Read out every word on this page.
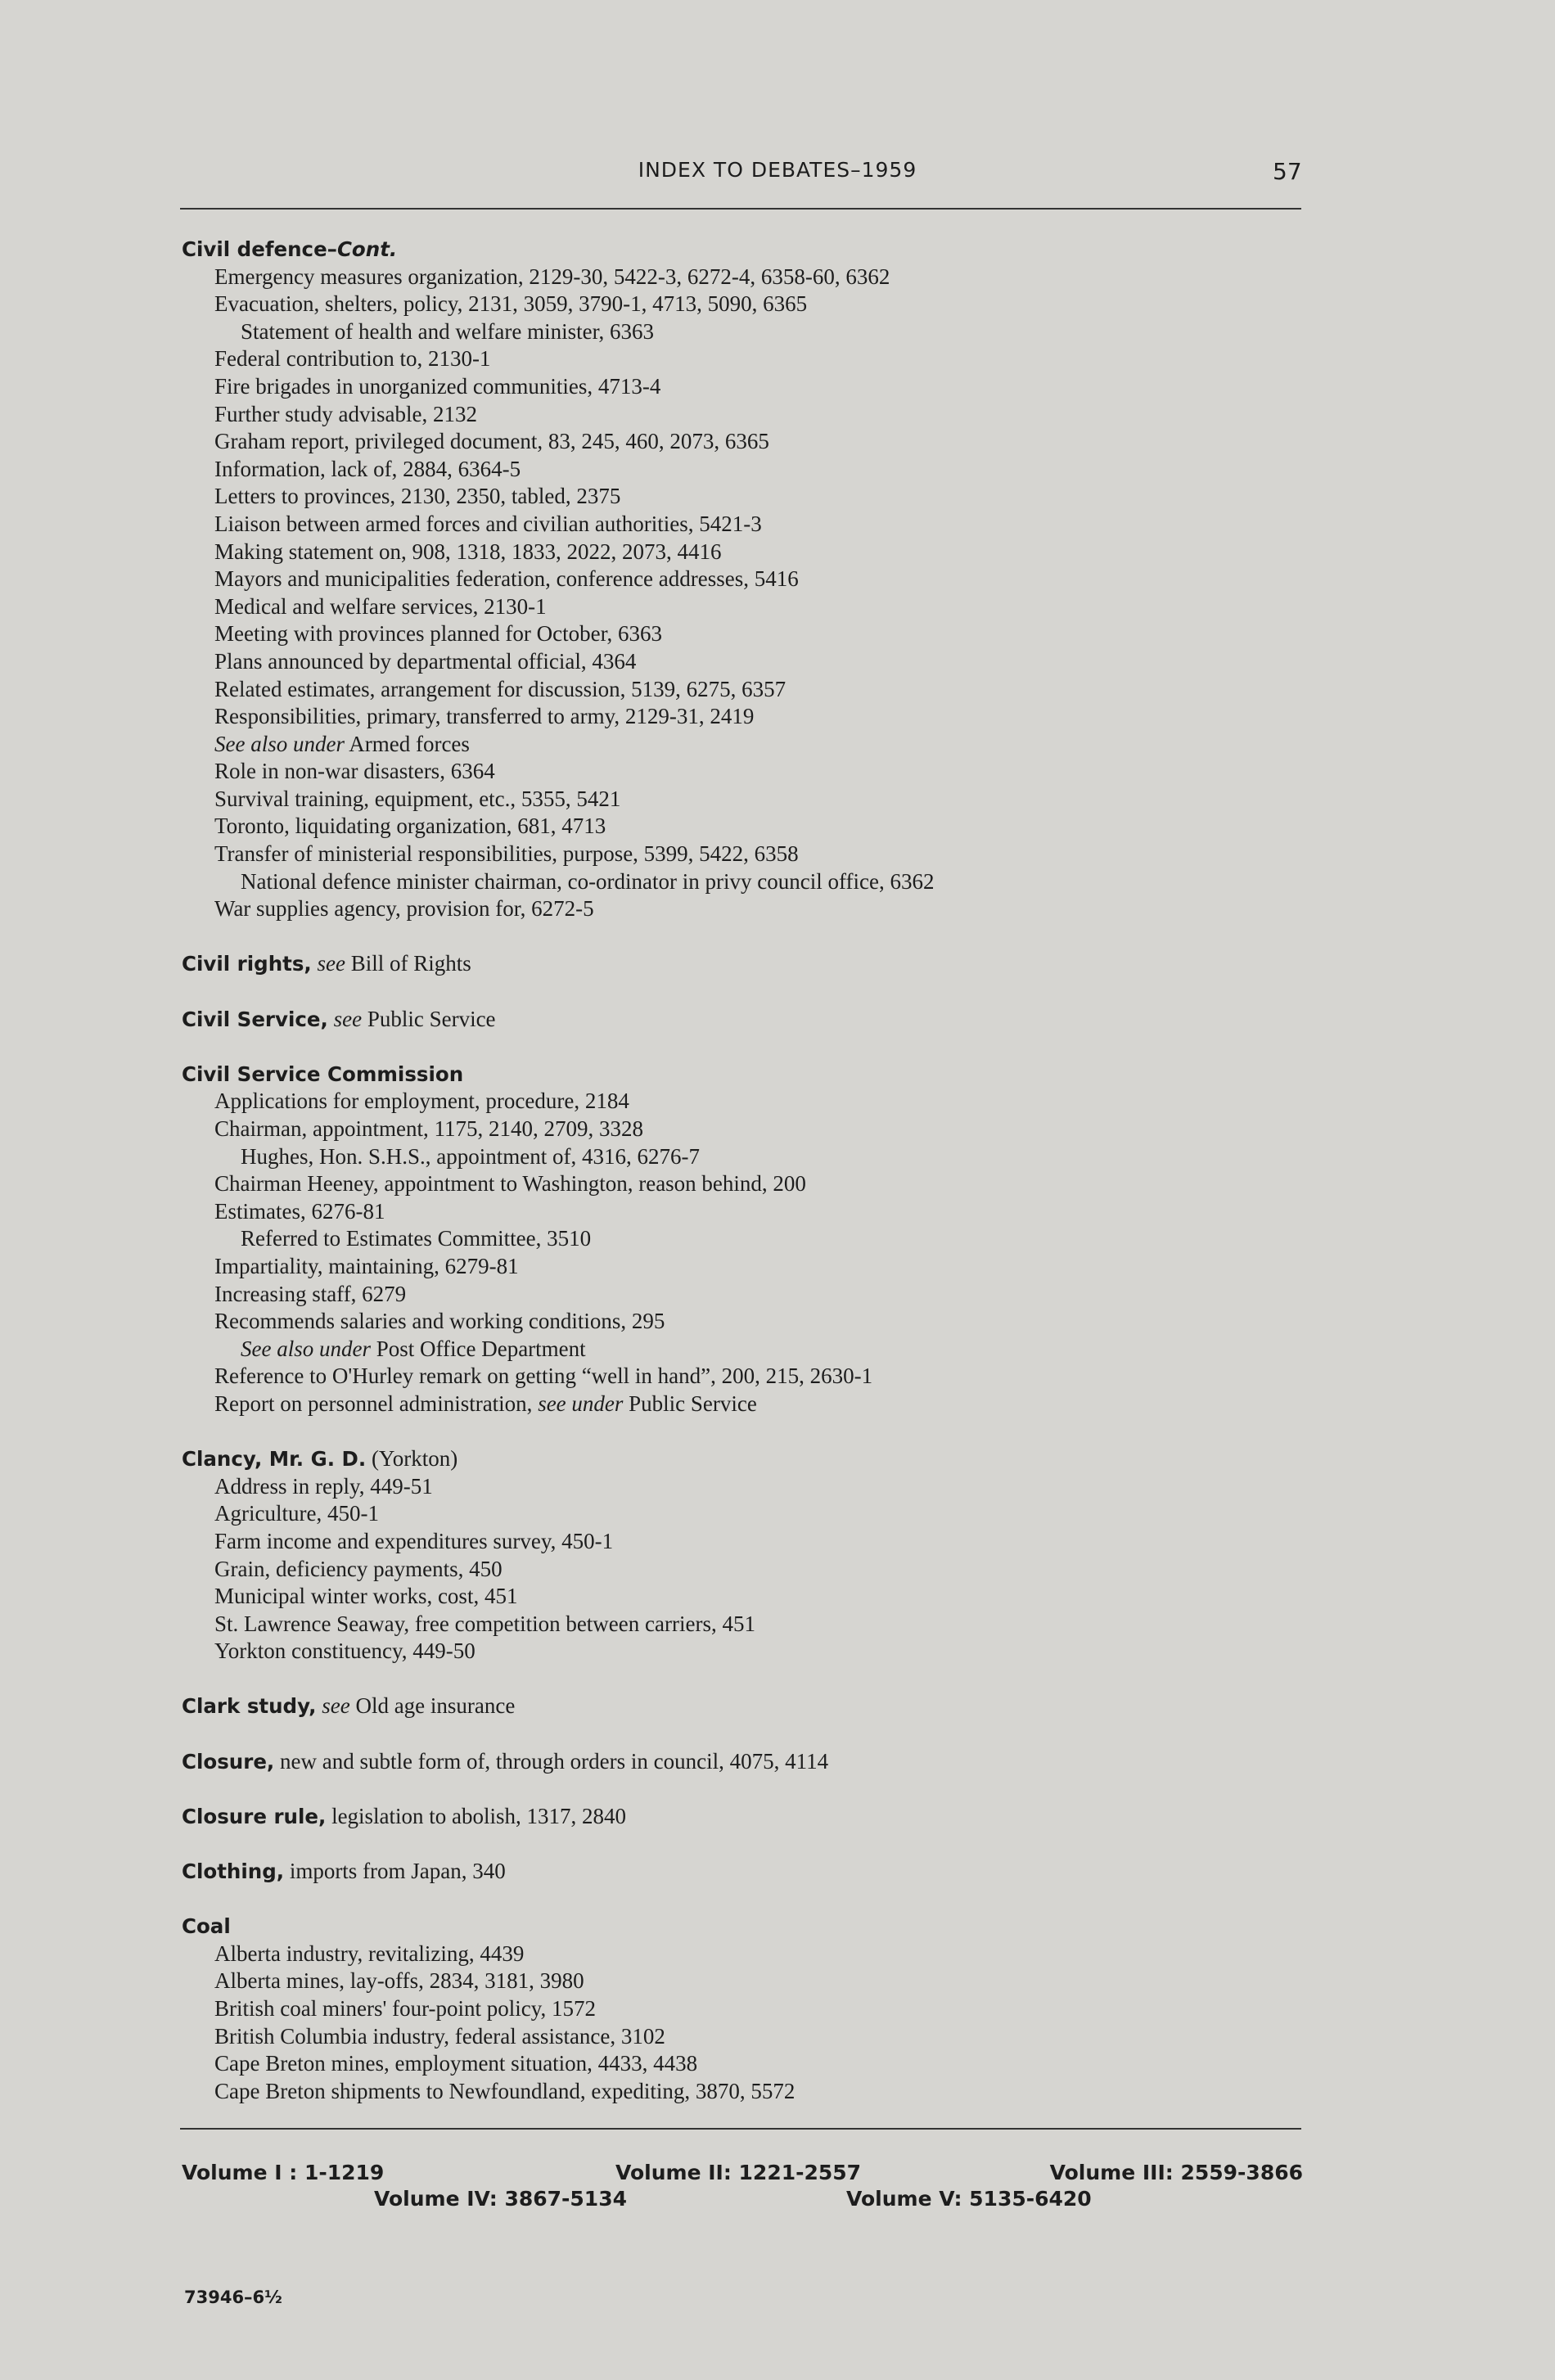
INDEX TO DEBATES–1959	57
Civil defence–Cont.
Emergency measures organization, 2129-30, 5422-3, 6272-4, 6358-60, 6362
Evacuation, shelters, policy, 2131, 3059, 3790-1, 4713, 5090, 6365
Statement of health and welfare minister, 6363
Federal contribution to, 2130-1
Fire brigades in unorganized communities, 4713-4
Further study advisable, 2132
Graham report, privileged document, 83, 245, 460, 2073, 6365
Information, lack of, 2884, 6364-5
Letters to provinces, 2130, 2350, tabled, 2375
Liaison between armed forces and civilian authorities, 5421-3
Making statement on, 908, 1318, 1833, 2022, 2073, 4416
Mayors and municipalities federation, conference addresses, 5416
Medical and welfare services, 2130-1
Meeting with provinces planned for October, 6363
Plans announced by departmental official, 4364
Related estimates, arrangement for discussion, 5139, 6275, 6357
Responsibilities, primary, transferred to army, 2129-31, 2419
See also under Armed forces
Role in non-war disasters, 6364
Survival training, equipment, etc., 5355, 5421
Toronto, liquidating organization, 681, 4713
Transfer of ministerial responsibilities, purpose, 5399, 5422, 6358
National defence minister chairman, co-ordinator in privy council office, 6362
War supplies agency, provision for, 6272-5
Civil rights, see Bill of Rights
Civil Service, see Public Service
Civil Service Commission
Applications for employment, procedure, 2184
Chairman, appointment, 1175, 2140, 2709, 3328
Hughes, Hon. S.H.S., appointment of, 4316, 6276-7
Chairman Heeney, appointment to Washington, reason behind, 200
Estimates, 6276-81
Referred to Estimates Committee, 3510
Impartiality, maintaining, 6279-81
Increasing staff, 6279
Recommends salaries and working conditions, 295
See also under Post Office Department
Reference to O'Hurley remark on getting “well in hand”, 200, 215, 2630-1
Report on personnel administration, see under Public Service
Clancy, Mr. G. D. (Yorkton)
Address in reply, 449-51
Agriculture, 450-1
Farm income and expenditures survey, 450-1
Grain, deficiency payments, 450
Municipal winter works, cost, 451
St. Lawrence Seaway, free competition between carriers, 451
Yorkton constituency, 449-50
Clark study, see Old age insurance
Closure, new and subtle form of, through orders in council, 4075, 4114
Closure rule, legislation to abolish, 1317, 2840
Clothing, imports from Japan, 340
Coal
Alberta industry, revitalizing, 4439
Alberta mines, lay-offs, 2834, 3181, 3980
British coal miners' four-point policy, 1572
British Columbia industry, federal assistance, 3102
Cape Breton mines, employment situation, 4433, 4438
Cape Breton shipments to Newfoundland, expediting, 3870, 5572
Volume I : 1-1219	Volume II: 1221-2557	Volume III: 2559-3866
Volume IV: 3867-5134	Volume V: 5135-6420
73946–6½
